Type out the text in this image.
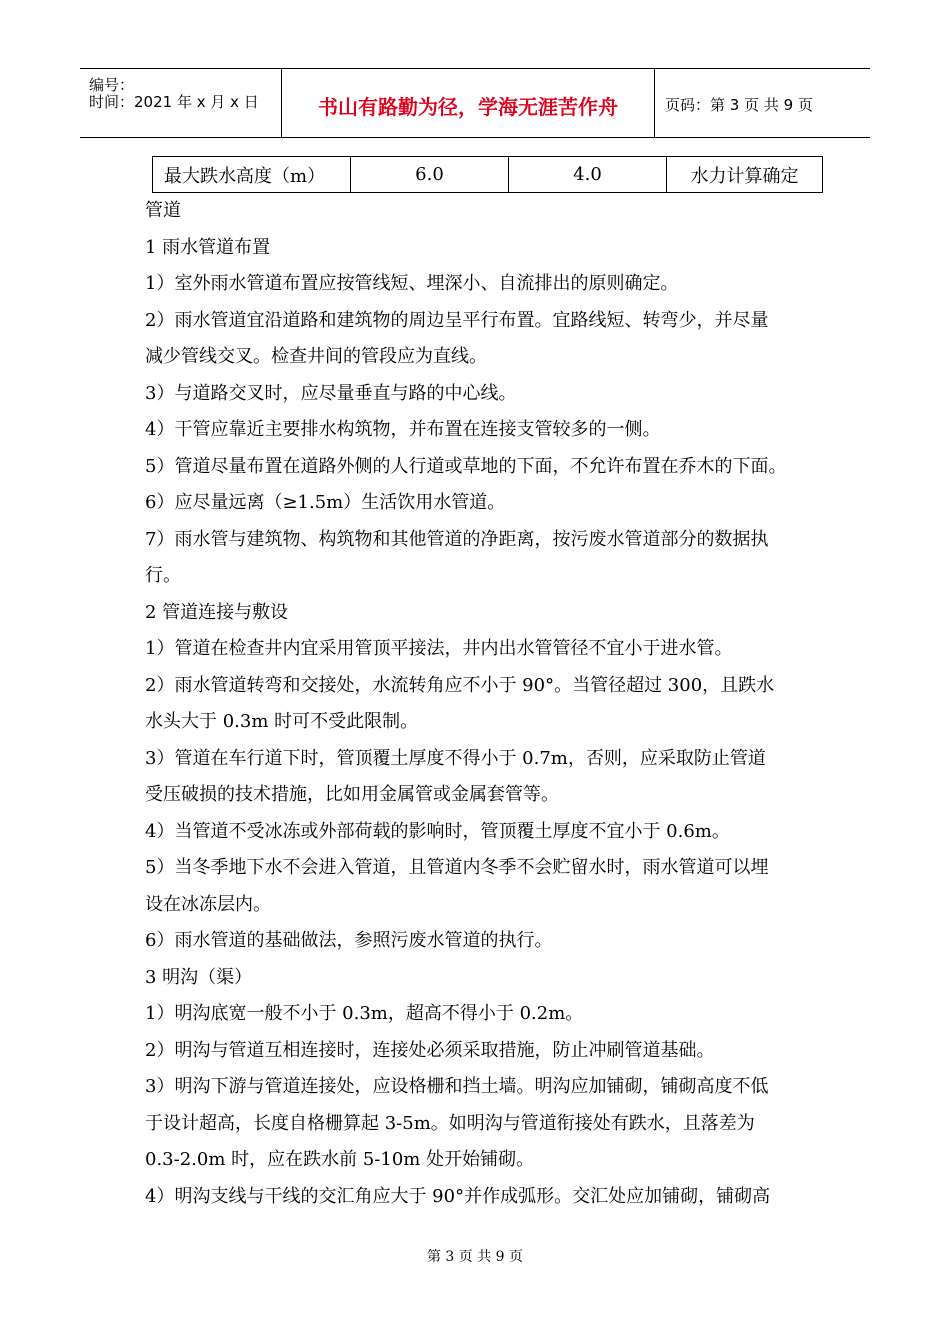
编号：
时间：2021 年 x 月 x 日	书山有路勤为径，学海无涯苦作舟	页码：第 3 页 共 9 页
最大跌水高度（m）	6.0	4.0	水力计算确定

管道

1 雨水管道布置

1）室外雨水管道布置应按管线短、埋深小、自流排出的原则确定。

2）雨水管道宜沿道路和建筑物的周边呈平行布置。宜路线短、转弯少，并尽量

减少管线交叉。检查井间的管段应为直线。

3）与道路交叉时，应尽量垂直与路的中心线。

4）干管应靠近主要排水构筑物，并布置在连接支管较多的一侧。

5）管道尽量布置在道路外侧的人行道或草地的下面，不允许布置在乔木的下面。

6）应尽量远离（≥1.5m）生活饮用水管道。

7）雨水管与建筑物、构筑物和其他管道的净距离，按污废水管道部分的数据执

行。

2 管道连接与敷设

1）管道在检查井内宜采用管顶平接法，井内出水管管径不宜小于进水管。

2）雨水管道转弯和交接处，水流转角应不小于 90°。当管径超过 300，且跌水

水头大于 0.3m 时可不受此限制。

3）管道在车行道下时，管顶覆土厚度不得小于 0.7m，否则，应采取防止管道

受压破损的技术措施，比如用金属管或金属套管等。

4）当管道不受冰冻或外部荷载的影响时，管顶覆土厚度不宜小于 0.6m。

5）当冬季地下水不会进入管道，且管道内冬季不会贮留水时，雨水管道可以埋

设在冰冻层内。

6）雨水管道的基础做法，参照污废水管道的执行。

3 明沟（渠）

1）明沟底宽一般不小于 0.3m，超高不得小于 0.2m。

2）明沟与管道互相连接时，连接处必须采取措施，防止冲刷管道基础。

3）明沟下游与管道连接处，应设格栅和挡土墙。明沟应加铺砌，铺砌高度不低

于设计超高，长度自格栅算起 3-5m。如明沟与管道衔接处有跌水，且落差为

0.3-2.0m 时，应在跌水前 5-10m 处开始铺砌。

4）明沟支线与干线的交汇角应大于 90°并作成弧形。交汇处应加铺砌，铺砌高

第 3 页 共 9 页
